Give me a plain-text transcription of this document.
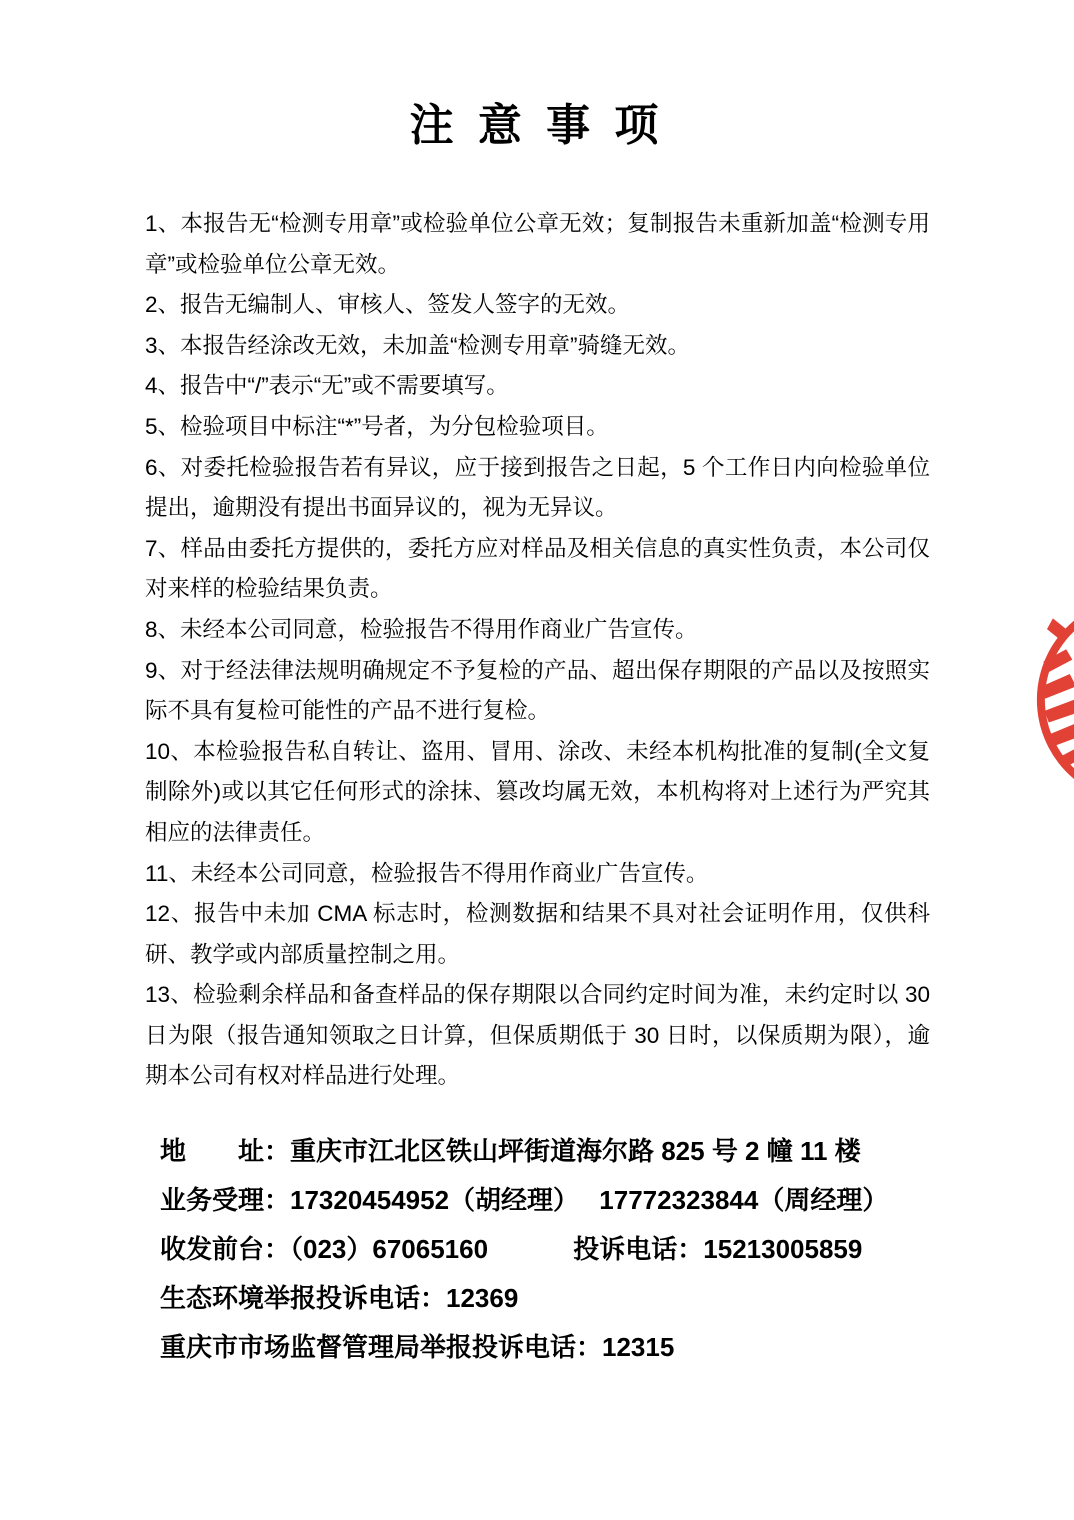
注 意 事 项

1、本报告无“检测专用章”或检验单位公章无效；复制报告未重新加盖“检测专用章”或检验单位公章无效。

2、报告无编制人、审核人、签发人签字的无效。

3、本报告经涂改无效，未加盖“检测专用章”骑缝无效。

4、报告中“/”表示“无”或不需要填写。

5、检验项目中标注“*”号者，为分包检验项目。

6、对委托检验报告若有异议，应于接到报告之日起，5 个工作日内向检验单位提出，逾期没有提出书面异议的，视为无异议。

7、样品由委托方提供的，委托方应对样品及相关信息的真实性负责，本公司仅对来样的检验结果负责。

8、未经本公司同意，检验报告不得用作商业广告宣传。

9、对于经法律法规明确规定不予复检的产品、超出保存期限的产品以及按照实际不具有复检可能性的产品不进行复检。

10、本检验报告私自转让、盗用、冒用、涂改、未经本机构批准的复制(全文复制除外)或以其它任何形式的涂抹、篡改均属无效，本机构将对上述行为严究其相应的法律责任。

11、未经本公司同意，检验报告不得用作商业广告宣传。

12、报告中未加 CMA 标志时，检测数据和结果不具对社会证明作用，仅供科研、教学或内部质量控制之用。

13、检验剩余样品和备查样品的保存期限以合同约定时间为准，未约定时以 30 日为限（报告通知领取之日计算，但保质期低于 30 日时，以保质期为限），逾期本公司有权对样品进行处理。

地　　址：重庆市江北区铁山坪街道海尔路 825 号 2 幢 11 楼

业务受理：17320454952（胡经理）　 17772323844（周经理）

收发前台：（023）67065160　　　 投诉电话：15213005859

生态环境举报投诉电话：12369

重庆市市场监督管理局举报投诉电话：12315
